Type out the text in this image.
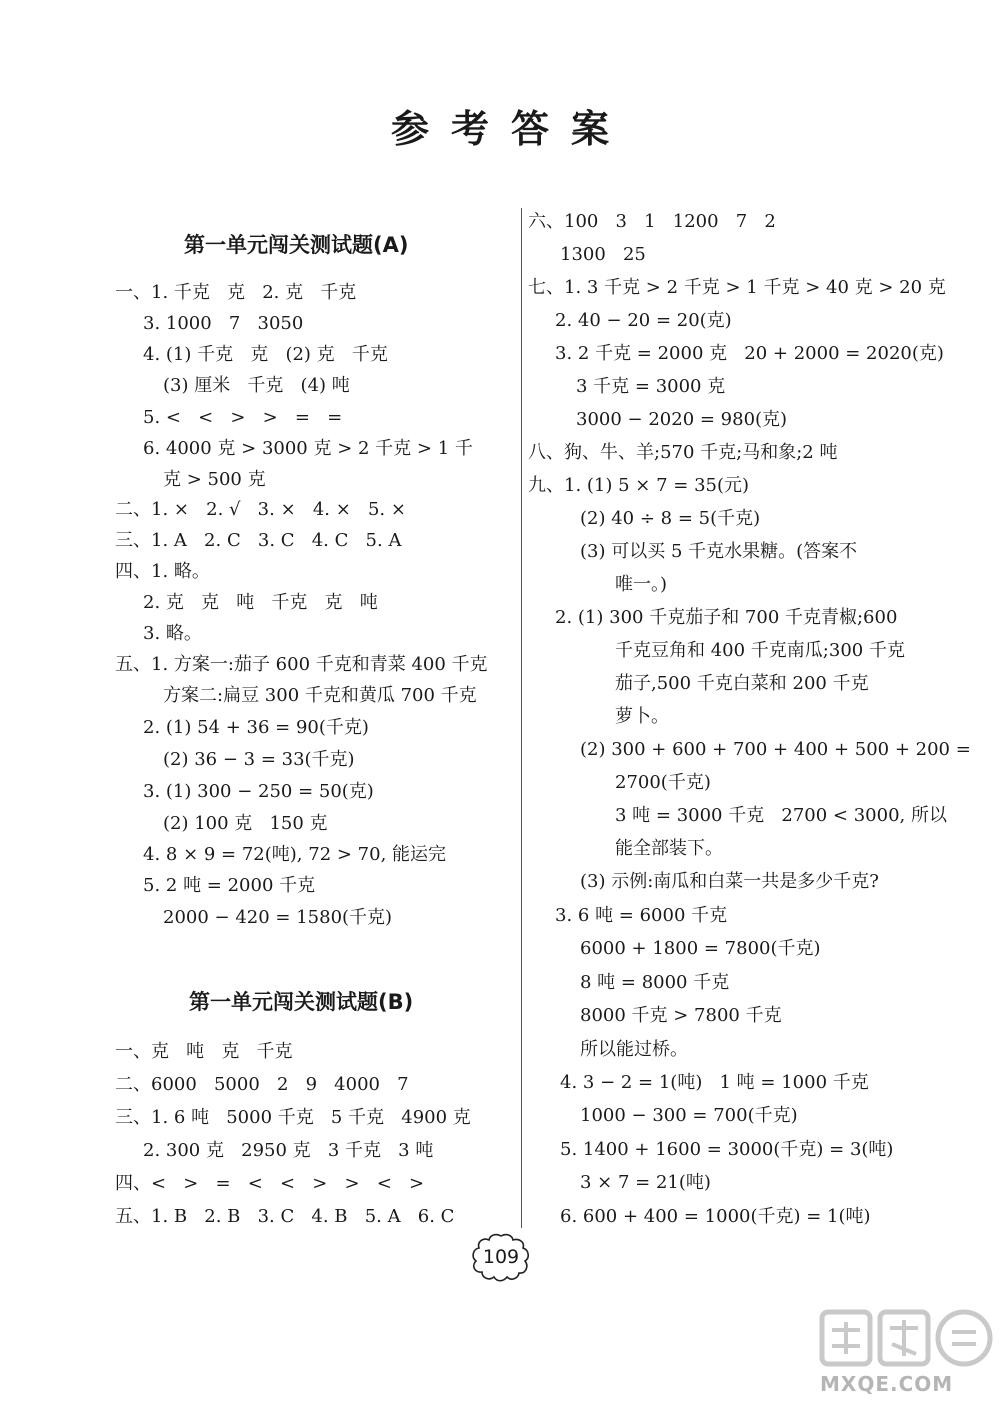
参考答案
第一单元闯关测试题(A)
一、1. 千克   克   2. 克   千克
3. 1000   7   3050
4. (1) 千克   克   (2) 克   千克
(3) 厘米   千克   (4) 吨
5. <   <   >   >   =   =
6. 4000 克 > 3000 克 > 2 千克 > 1 千
克 > 500 克
二、1. ×   2. √   3. ×   4. ×   5. ×
三、1. A   2. C   3. C   4. C   5. A
四、1. 略。
2. 克   克   吨   千克   克   吨
3. 略。
五、1. 方案一:茄子 600 千克和青菜 400 千克
方案二:扁豆 300 千克和黄瓜 700 千克
2. (1) 54 + 36 = 90(千克)
(2) 36 − 3 = 33(千克)
3. (1) 300 − 250 = 50(克)
(2) 100 克   150 克
4. 8 × 9 = 72(吨), 72 > 70, 能运完
5. 2 吨 = 2000 千克
2000 − 420 = 1580(千克)
第一单元闯关测试题(B)
一、克   吨   克   千克
二、6000   5000   2   9   4000   7
三、1. 6 吨   5000 千克   5 千克   4900 克
2. 300 克   2950 克   3 千克   3 吨
四、<   >   =   <   <   >   >   <   >
五、1. B   2. B   3. C   4. B   5. A   6. C
六、100   3   1   1200   7   2
1300   25
七、1. 3 千克 > 2 千克 > 1 千克 > 40 克 > 20 克
2. 40 − 20 = 20(克)
3. 2 千克 = 2000 克   20 + 2000 = 2020(克)
3 千克 = 3000 克
3000 − 2020 = 980(克)
八、狗、牛、羊;570 千克;马和象;2 吨
九、1. (1) 5 × 7 = 35(元)
(2) 40 ÷ 8 = 5(千克)
(3) 可以买 5 千克水果糖。(答案不
唯一。)
2. (1) 300 千克茄子和 700 千克青椒;600
千克豆角和 400 千克南瓜;300 千克
茄子,500 千克白菜和 200 千克
萝卜。
(2) 300 + 600 + 700 + 400 + 500 + 200 =
2700(千克)
3 吨 = 3000 千克   2700 < 3000, 所以
能全部装下。
(3) 示例:南瓜和白菜一共是多少千克?
3. 6 吨 = 6000 千克
6000 + 1800 = 7800(千克)
8 吨 = 8000 千克
8000 千克 > 7800 千克
所以能过桥。
4. 3 − 2 = 1(吨)   1 吨 = 1000 千克
1000 − 300 = 700(千克)
5. 1400 + 1600 = 3000(千克) = 3(吨)
3 × 7 = 21(吨)
6. 600 + 400 = 1000(千克) = 1(吨)
109
MXQE.COM
